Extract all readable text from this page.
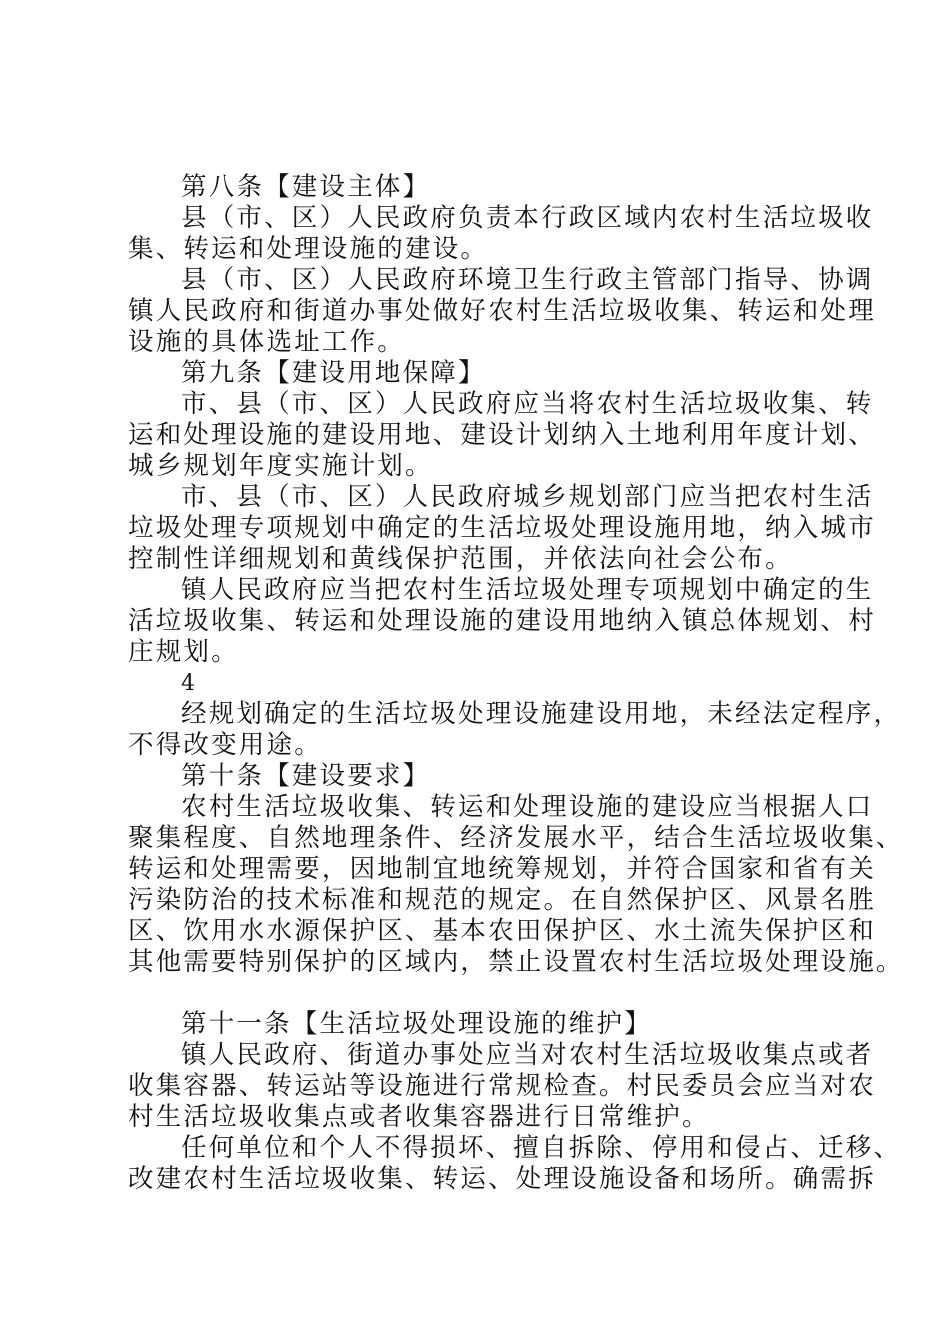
第八条【建设主体】

县（市、区）人民政府负责本行政区域内农村生活垃圾收

集、转运和处理设施的建设。

县（市、区）人民政府环境卫生行政主管部门指导、协调

镇人民政府和街道办事处做好农村生活垃圾收集、转运和处理

设施的具体选址工作。

第九条【建设用地保障】

市、县（市、区）人民政府应当将农村生活垃圾收集、转

运和处理设施的建设用地、建设计划纳入土地利用年度计划、

城乡规划年度实施计划。

市、县（市、区）人民政府城乡规划部门应当把农村生活

垃圾处理专项规划中确定的生活垃圾处理设施用地，纳入城市

控制性详细规划和黄线保护范围，并依法向社会公布。

镇人民政府应当把农村生活垃圾处理专项规划中确定的生

活垃圾收集、转运和处理设施的建设用地纳入镇总体规划、村

庄规划。

4

经规划确定的生活垃圾处理设施建设用地，未经法定程序，

不得改变用途。

第十条【建设要求】

农村生活垃圾收集、转运和处理设施的建设应当根据人口

聚集程度、自然地理条件、经济发展水平，结合生活垃圾收集、

转运和处理需要，因地制宜地统筹规划，并符合国家和省有关

污染防治的技术标准和规范的规定。在自然保护区、风景名胜

区、饮用水水源保护区、基本农田保护区、水土流失保护区和

其他需要特别保护的区域内，禁止设置农村生活垃圾处理设施。

第十一条【生活垃圾处理设施的维护】

镇人民政府、街道办事处应当对农村生活垃圾收集点或者

收集容器、转运站等设施进行常规检查。村民委员会应当对农

村生活垃圾收集点或者收集容器进行日常维护。

任何单位和个人不得损坏、擅自拆除、停用和侵占、迁移、

改建农村生活垃圾收集、转运、处理设施设备和场所。确需拆
